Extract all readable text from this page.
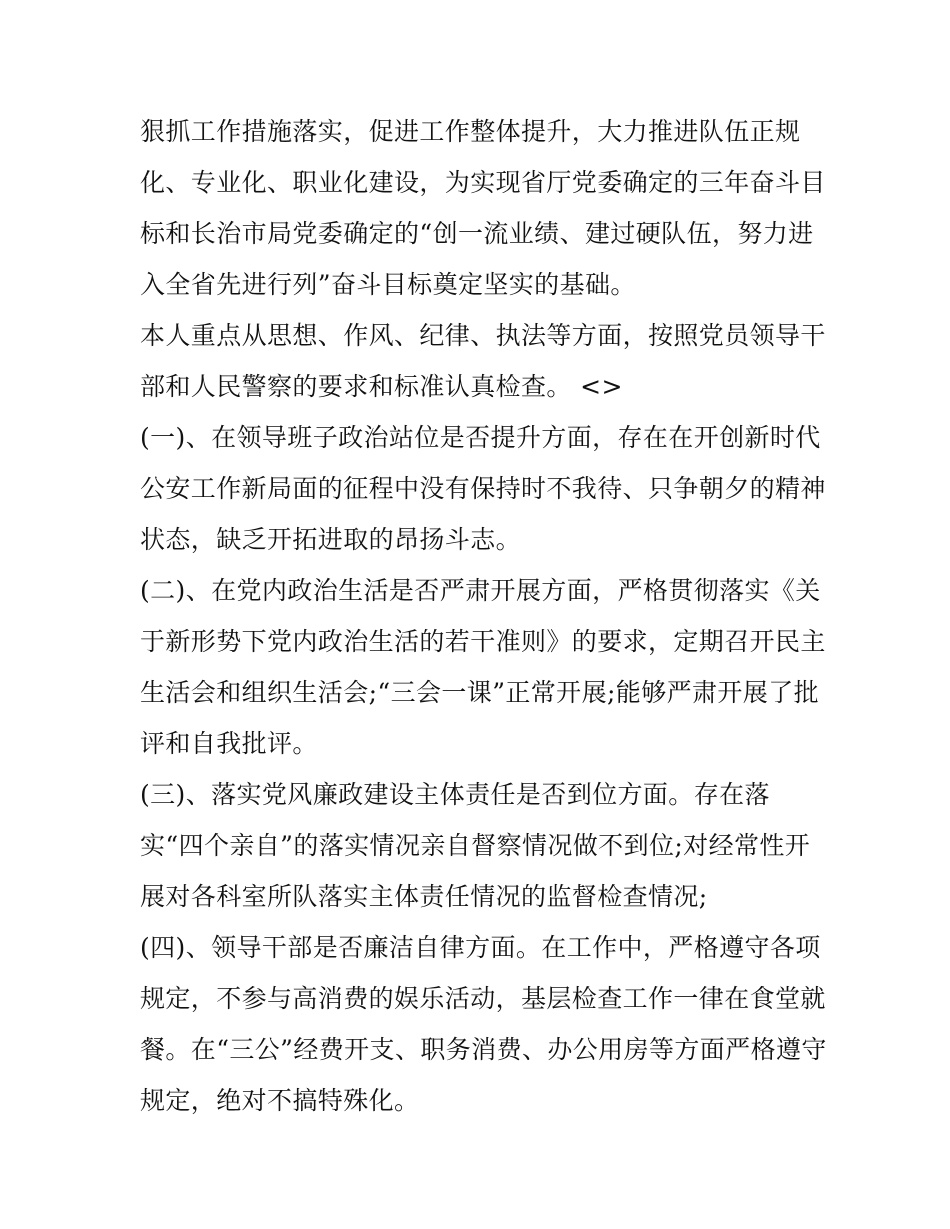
狠抓工作措施落实，促进工作整体提升，大力推进队伍正规
化、专业化、职业化建设，为实现省厅党委确定的三年奋斗目
标和长治市局党委确定的“创一流业绩、建过硬队伍，努力进
入全省先进行列”奋斗目标奠定坚实的基础。
本人重点从思想、作风、纪律、执法等方面，按照党员领导干
部和人民警察的要求和标准认真检查。 <>
(一)、在领导班子政治站位是否提升方面，存在在开创新时代
公安工作新局面的征程中没有保持时不我待、只争朝夕的精神
状态，缺乏开拓进取的昂扬斗志。
(二)、在党内政治生活是否严肃开展方面，严格贯彻落实《关
于新形势下党内政治生活的若干准则》的要求，定期召开民主
生活会和组织生活会;“三会一课”正常开展;能够严肃开展了批
评和自我批评。
(三)、落实党风廉政建设主体责任是否到位方面。存在落
实“四个亲自”的落实情况亲自督察情况做不到位;对经常性开
展对各科室所队落实主体责任情况的监督检查情况;
(四)、领导干部是否廉洁自律方面。在工作中，严格遵守各项
规定，不参与高消费的娱乐活动，基层检查工作一律在食堂就
餐。在“三公”经费开支、职务消费、办公用房等方面严格遵守
规定，绝对不搞特殊化。
